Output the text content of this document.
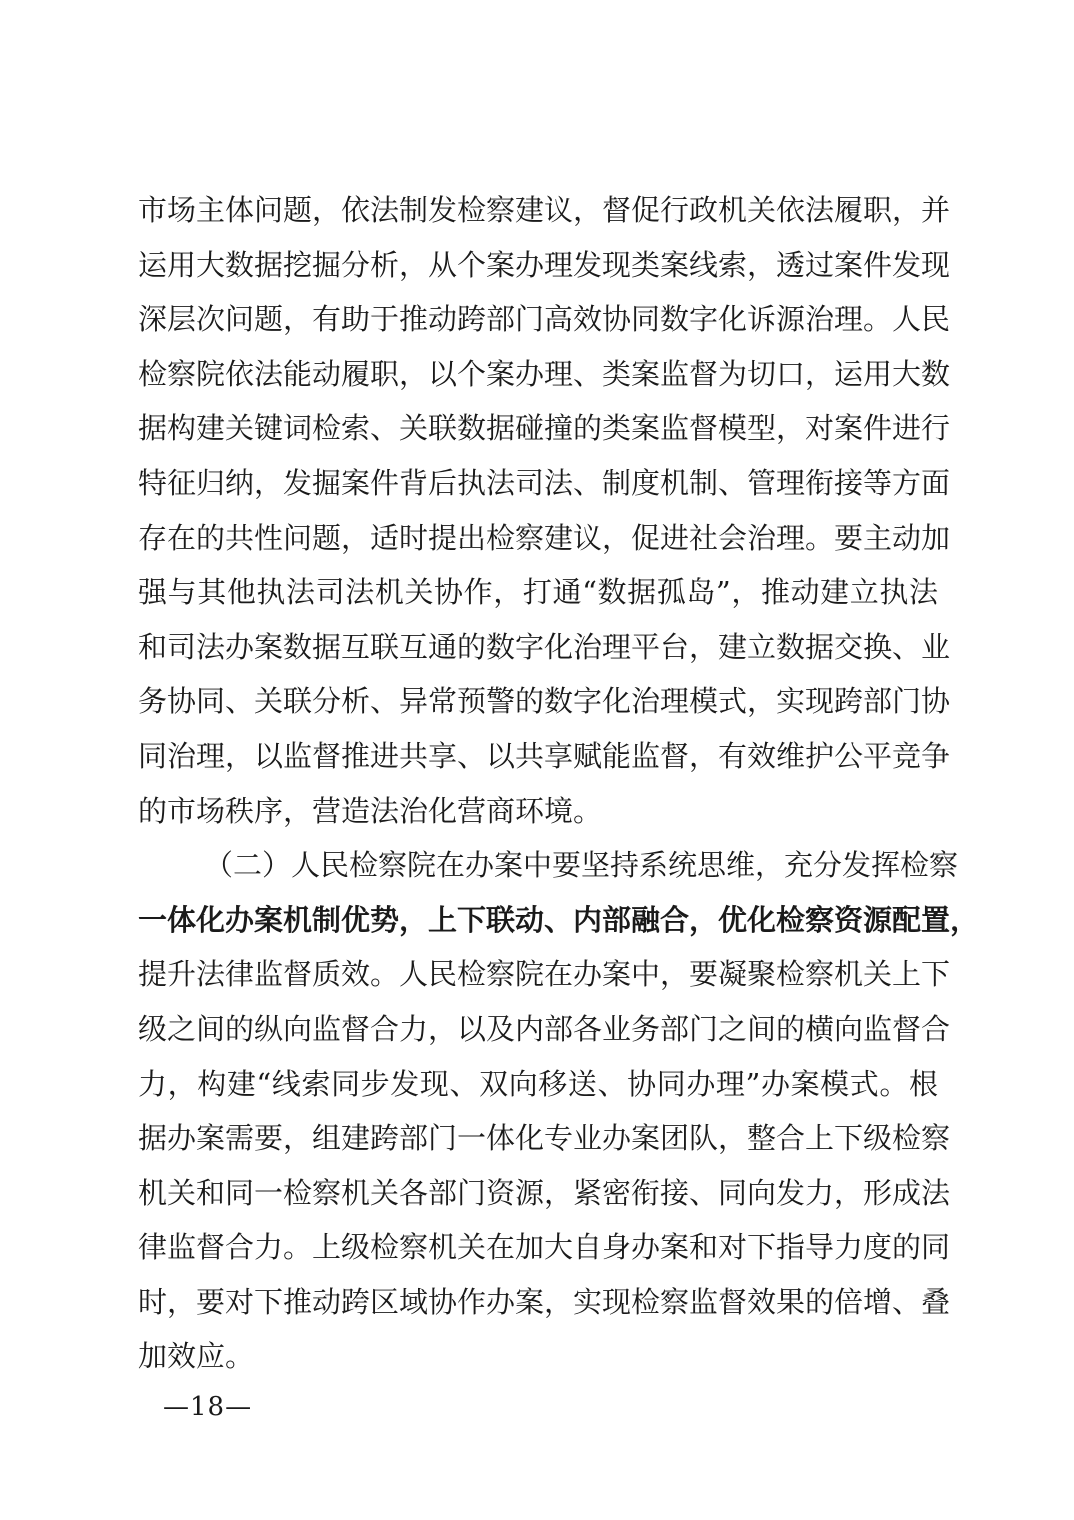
市场主体问题，依法制发检察建议，督促行政机关依法履职，并
运用大数据挖掘分析，从个案办理发现类案线索，透过案件发现
深层次问题，有助于推动跨部门高效协同数字化诉源治理。人民
检察院依法能动履职，以个案办理、类案监督为切口，运用大数
据构建关键词检索、关联数据碰撞的类案监督模型，对案件进行
特征归纳，发掘案件背后执法司法、制度机制、管理衔接等方面
存在的共性问题，适时提出检察建议，促进社会治理。要主动加
强与其他执法司法机关协作，打通“数据孤岛”，推动建立执法
和司法办案数据互联互通的数字化治理平台，建立数据交换、业
务协同、关联分析、异常预警的数字化治理模式，实现跨部门协
同治理，以监督推进共享、以共享赋能监督，有效维护公平竞争
的市场秩序，营造法治化营商环境。
（二）人民检察院在办案中要坚持系统思维，充分发挥检察
一体化办案机制优势，上下联动、内部融合，优化检察资源配置，
提升法律监督质效。人民检察院在办案中，要凝聚检察机关上下
级之间的纵向监督合力，以及内部各业务部门之间的横向监督合
力，构建“线索同步发现、双向移送、协同办理”办案模式。根
据办案需要，组建跨部门一体化专业办案团队，整合上下级检察
机关和同一检察机关各部门资源，紧密衔接、同向发力，形成法
律监督合力。上级检察机关在加大自身办案和对下指导力度的同
时，要对下推动跨区域协作办案，实现检察监督效果的倍增、叠
加效应。
—18—
